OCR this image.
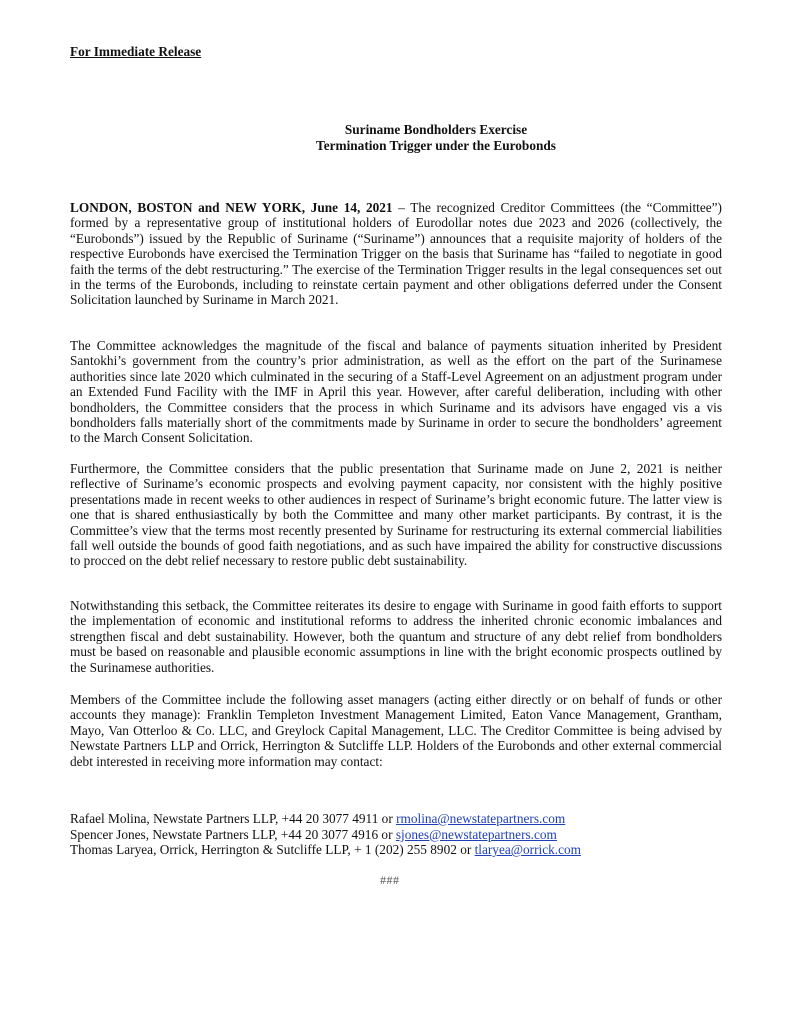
For Immediate Release
Suriname Bondholders Exercise
Termination Trigger under the Eurobonds
LONDON, BOSTON and NEW YORK, June 14, 2021 – The recognized Creditor Committees (the “Committee”) formed by a representative group of institutional holders of Eurodollar notes due 2023 and 2026 (collectively, the “Eurobonds”) issued by the Republic of Suriname (“Suriname”) announces that a requisite majority of holders of the respective Eurobonds have exercised the Termination Trigger on the basis that Suriname has “failed to negotiate in good faith the terms of the debt restructuring.” The exercise of the Termination Trigger results in the legal consequences set out in the terms of the Eurobonds, including to reinstate certain payment and other obligations deferred under the Consent Solicitation launched by Suriname in March 2021.
The Committee acknowledges the magnitude of the fiscal and balance of payments situation inherited by President Santokhi’s government from the country’s prior administration, as well as the effort on the part of the Surinamese authorities since late 2020 which culminated in the securing of a Staff-Level Agreement on an adjustment program under an Extended Fund Facility with the IMF in April this year. However, after careful deliberation, including with other bondholders, the Committee considers that the process in which Suriname and its advisors have engaged vis a vis bondholders falls materially short of the commitments made by Suriname in order to secure the bondholders’ agreement to the March Consent Solicitation.
Furthermore, the Committee considers that the public presentation that Suriname made on June 2, 2021 is neither reflective of Suriname’s economic prospects and evolving payment capacity, nor consistent with the highly positive presentations made in recent weeks to other audiences in respect of Suriname’s bright economic future. The latter view is one that is shared enthusiastically by both the Committee and many other market participants. By contrast, it is the Committee’s view that the terms most recently presented by Suriname for restructuring its external commercial liabilities fall well outside the bounds of good faith negotiations, and as such have impaired the ability for constructive discussions to procced on the debt relief necessary to restore public debt sustainability.
Notwithstanding this setback, the Committee reiterates its desire to engage with Suriname in good faith efforts to support the implementation of economic and institutional reforms to address the inherited chronic economic imbalances and strengthen fiscal and debt sustainability. However, both the quantum and structure of any debt relief from bondholders must be based on reasonable and plausible economic assumptions in line with the bright economic prospects outlined by the Surinamese authorities.
Members of the Committee include the following asset managers (acting either directly or on behalf of funds or other accounts they manage): Franklin Templeton Investment Management Limited, Eaton Vance Management, Grantham, Mayo, Van Otterloo & Co. LLC, and Greylock Capital Management, LLC. The Creditor Committee is being advised by Newstate Partners LLP and Orrick, Herrington & Sutcliffe LLP. Holders of the Eurobonds and other external commercial debt interested in receiving more information may contact:
Rafael Molina, Newstate Partners LLP, +44 20 3077 4911 or rmolina@newstatepartners.com
Spencer Jones, Newstate Partners LLP, +44 20 3077 4916 or sjones@newstatepartners.com
Thomas Laryea, Orrick, Herrington & Sutcliffe LLP, + 1 (202) 255 8902 or tlaryea@orrick.com
###
